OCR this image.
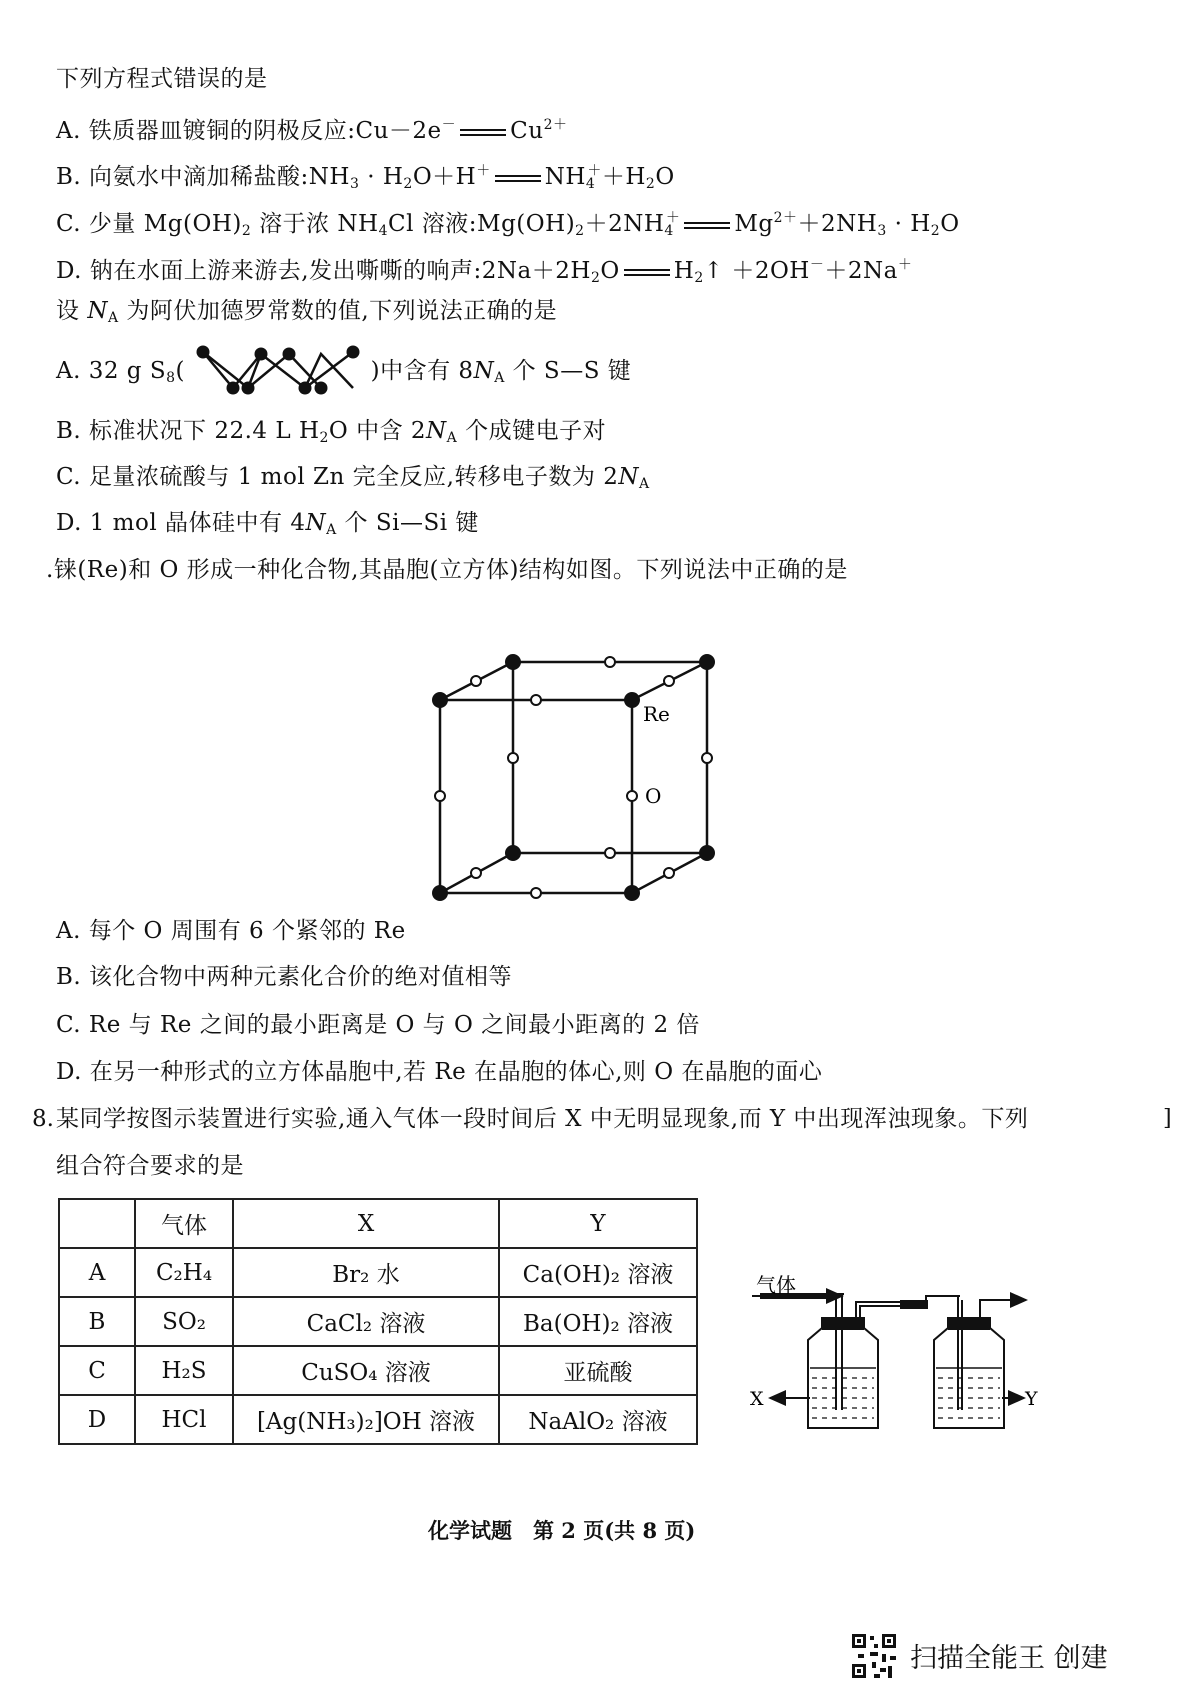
下列方程式错误的是
A. 铁质器皿镀铜的阴极反应:Cu－2e－ $Cu^{2+}$
B. 向氨水中滴加稀盐酸$:NH_3 \cdot H_2O+H^+$ $NH_4^++H_2O$
C. 少量 $Mg(OH)_2$ 溶于浓 $NH_4Cl$ 溶液$:Mg(OH)_2+2NH_4^+$ $Mg^{2+}+2NH_3 \cdot H_2O$
D. 钠在水面上游来游去,发出嘶嘶的响声$:2Na+2H_2O$ $H_2↑ +2OH^-+2Na^+$
设 $N_A$ 为阿伏加德罗常数的值,下列说法正确的是
A. 32 g $S_8$(	)中含有 $8N_A$ 个 S—S 键
B. 标准状况下 22.4 L $H_2O$ 中含 $2N_A$ 个成键电子对
C. 足量浓硫酸与 1 mol Zn 完全反应,转移电子数为 $2N_A$
D. 1 mol 晶体硅中有 $4N_A$ 个 Si—Si 键
.铼(Re)和 O 形成一种化合物,其晶胞(立方体)结构如图。下列说法中正确的是
Re
O
A. 每个 O 周围有 6 个紧邻的 Re
B. 该化合物中两种元素化合价的绝对值相等
C. Re 与 Re 之间的最小距离是 O 与 O 之间最小距离的 2 倍
D. 在另一种形式的立方体晶胞中,若 Re 在晶胞的体心,则 O 在晶胞的面心
8. 某同学按图示装置进行实验,通入气体一段时间后 X 中无明显现象,而 Y 中出现浑浊现象。下列	]
组合符合要求的是
	气体	X	Y
A	C₂H₄	Br₂ 水	Ca(OH)₂ 溶液
B	SO₂	CaCl₂ 溶液	Ba(OH)₂ 溶液
C	H₂S	CuSO₄ 溶液	亚硫酸
D	HCl	[Ag(NH₃)₂]OH 溶液	NaAlO₂ 溶液
气体
X	Y
化学试题　第 2 页(共 8 页)
扫描全能王 创建
